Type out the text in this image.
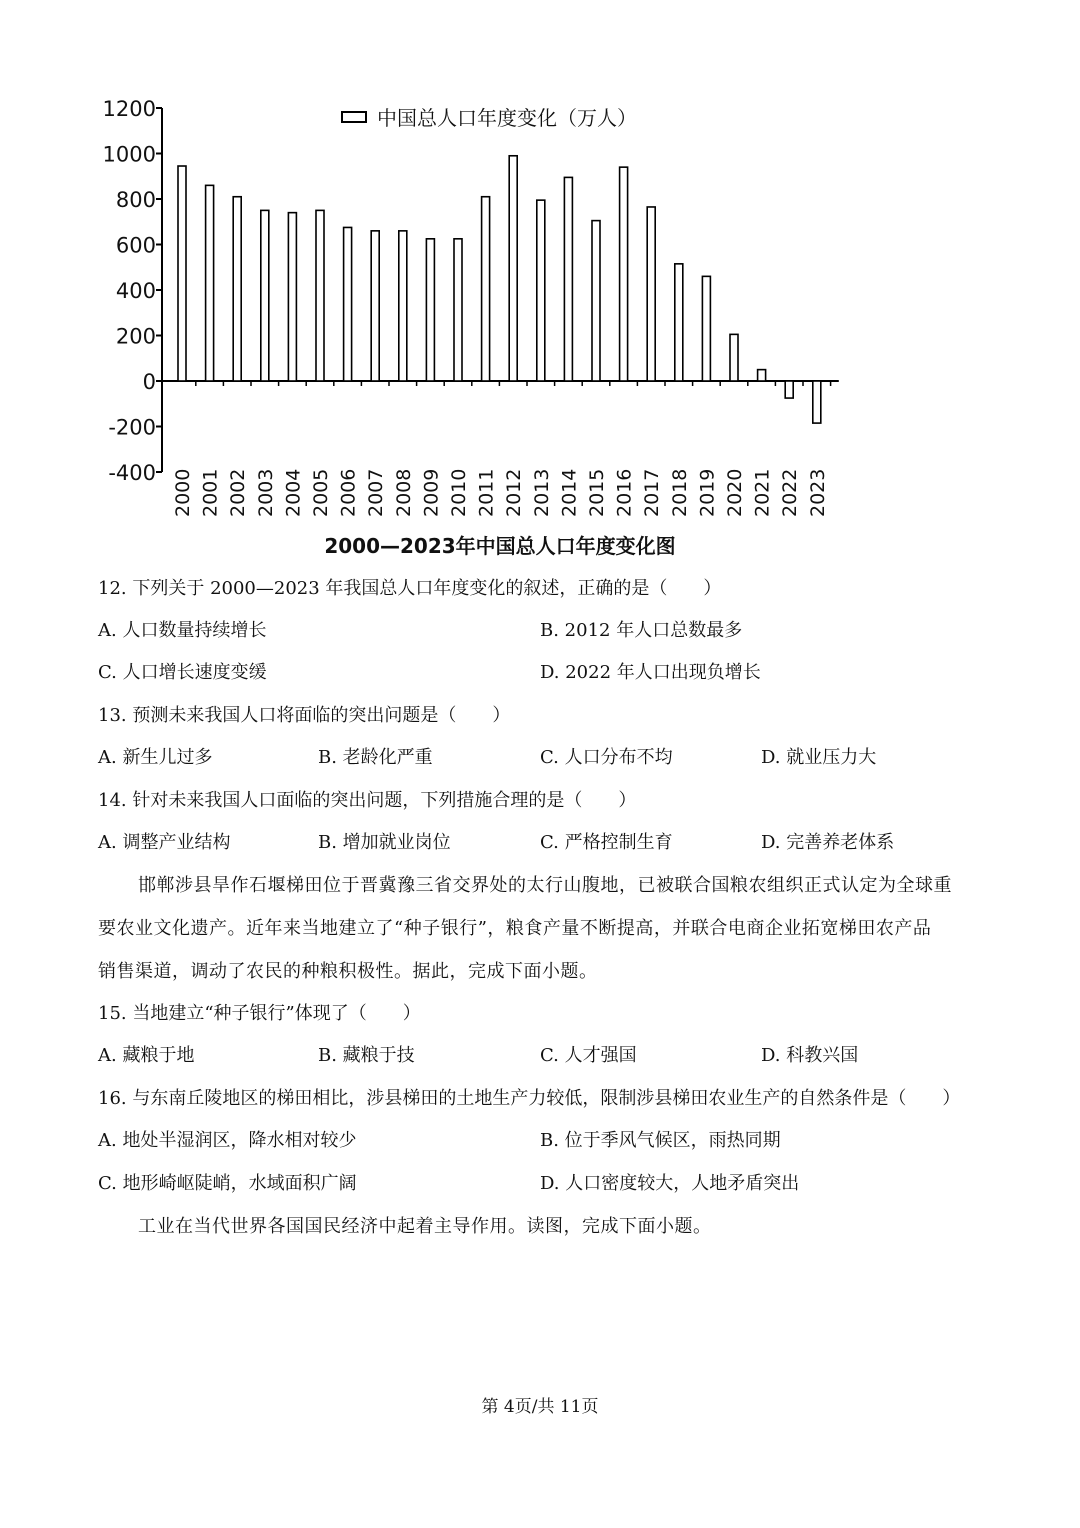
1200
1000
800
600
400
200
0
-200
-400 2000 2001 2002 2003 2004 2005 2006 2007 2008 2009 2010 2011 2012 2013 2014 2015 2016 2017 2018 2019 2020 2021 2022 2023
中国总人口年度变化（万人）
2000—2023年中国总人口年度变化图
12. 下列关于 2000—2023 年我国总人口年度变化的叙述，正确的是（　　）
A. 人口数量持续增长	B. 2012 年人口总数最多
C. 人口增长速度变缓	D. 2022 年人口出现负增长
13. 预测未来我国人口将面临的突出问题是（　　）
A. 新生儿过多	B. 老龄化严重	C. 人口分布不均	D. 就业压力大
14. 针对未来我国人口面临的突出问题，下列措施合理的是（　　）
A. 调整产业结构	B. 增加就业岗位	C. 严格控制生育	D. 完善养老体系
邯郸涉县旱作石堰梯田位于晋冀豫三省交界处的太行山腹地，已被联合国粮农组织正式认定为全球重
要农业文化遗产。近年来当地建立了“种子银行”，粮食产量不断提高，并联合电商企业拓宽梯田农产品
销售渠道，调动了农民的种粮积极性。据此，完成下面小题。
15. 当地建立“种子银行”体现了（　　）
A. 藏粮于地	B. 藏粮于技	C. 人才强国	D. 科教兴国
16. 与东南丘陵地区的梯田相比，涉县梯田的土地生产力较低，限制涉县梯田农业生产的自然条件是（　　）
A. 地处半湿润区，降水相对较少	B. 位于季风气候区，雨热同期
C. 地形崎岖陡峭，水域面积广阔	D. 人口密度较大，人地矛盾突出
工业在当代世界各国国民经济中起着主导作用。读图，完成下面小题。
第 4页/共 11页
